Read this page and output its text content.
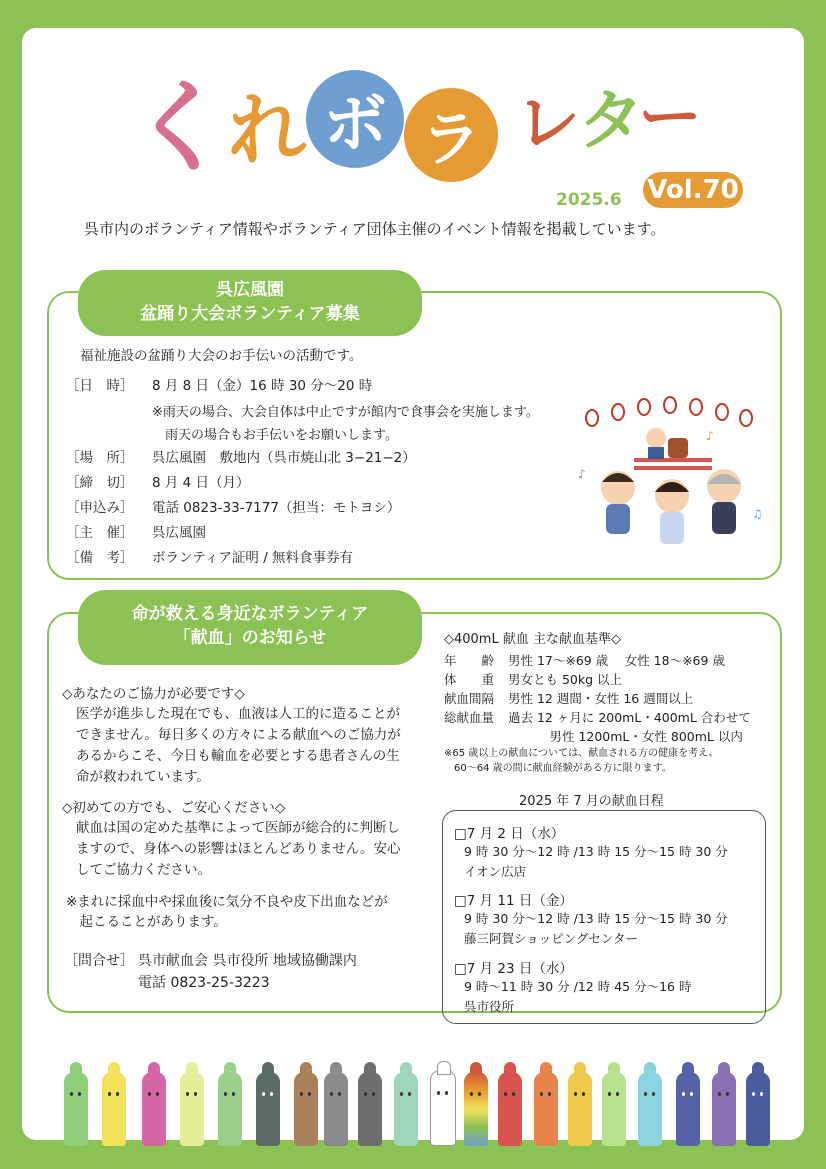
く
れ ボ ラ レ
タ
ー
2025.6 Vol.70
呉市内のボランティア情報やボランティア団体主催のイベント情報を掲載しています。
呉広風園
盆踊り大会ボランティア募集
福祉施設の盆踊り大会のお手伝いの活動です。
［日　時］ 8 月 8 日（金）16 時 30 分〜20 時
※雨天の場合、大会自体は中止ですが館内で食事会を実施します。
　雨天の場合もお手伝いをお願いします。
［場　所］ 呉広風園　敷地内（呉市焼山北 3−21−2）
［締　切］ 8 月 4 日（月）
［申込み］ 電話 0823-33-7177（担当：モトヨシ）
［主　催］ 呉広風園
［備　考］ ボランティア証明 / 無料食事券有
♪
♫
♪
命が救える身近なボランティア
「献血」のお知らせ
◇あなたのご協力が必要です◇
医学が進歩した現在でも、血液は人工的に造ることが
できません。毎日多くの方々による献血へのご協力が
あるからこそ、今日も輸血を必要とする患者さんの生
命が救われています。
◇初めての方でも、ご安心ください◇
献血は国の定めた基準によって医師が総合的に判断し
ますので、身体への影響はほとんどありません。安心
してご協力ください。
※まれに採血中や採血後に気分不良や皮下出血などが
　起こることがあります。
［問合せ］ 呉市献血会 呉市役所 地域協働課内
電話 0823-25-3223
◇400mL 献血 主な献血基準◇
年　　齢 男性 17〜※69 歳　 女性 18〜※69 歳
体　　重 男女とも 50kg 以上
献血間隔 男性 12 週間・女性 16 週間以上
総献血量 過去 12 ヶ月に 200mL・400mL 合わせて
　　　 男性 1200mL・女性 800mL 以内
※65 歳以上の献血については、献血される方の健康を考え、
　60〜64 歳の間に献血経験がある方に限ります。
2025 年 7 月の献血日程
□7 月 2 日（水）
9 時 30 分〜12 時 /13 時 15 分〜15 時 30 分
イオン広店
□7 月 11 日（金）
9 時 30 分〜12 時 /13 時 15 分〜15 時 30 分
藤三阿賀ショッピングセンター
□7 月 23 日（水）
9 時〜11 時 30 分 /12 時 45 分〜16 時
呉市役所
